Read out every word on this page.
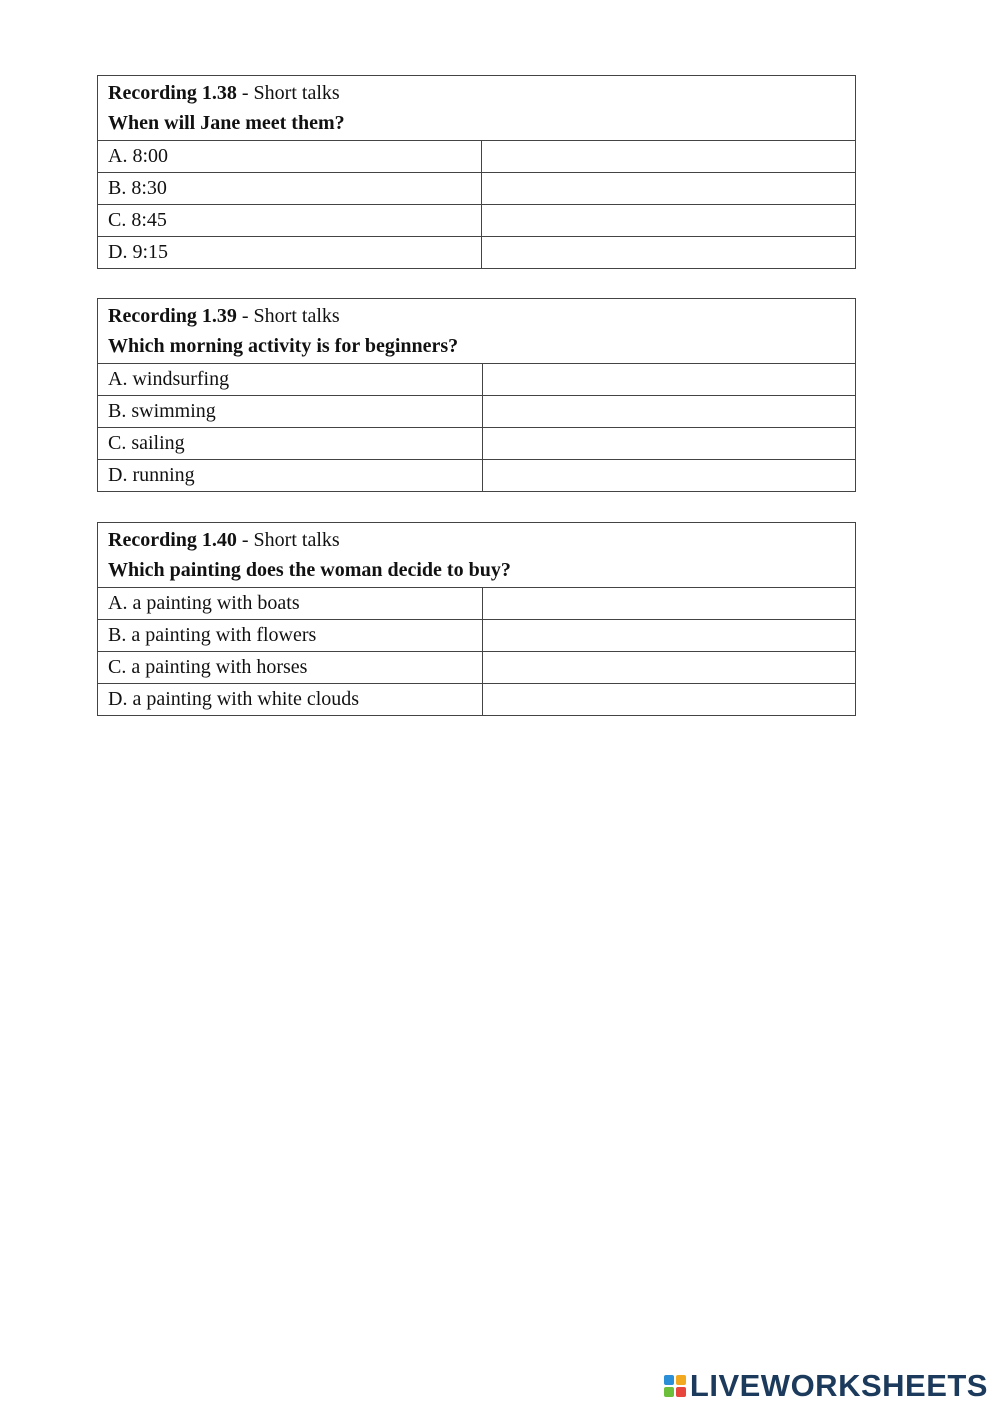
Recording 1.38 - Short talks
When will Jane meet them?	

A. 8:00	
B. 8:30	
C. 8:45	
D. 9:15	
Recording 1.39 - Short talks
Which morning activity is for beginners?	

A. windsurfing	
B. swimming	
C. sailing	
D. running	
Recording 1.40 - Short talks
Which painting does the woman decide to buy?	

A. a painting with boats	
B. a painting with flowers	
C. a painting with horses	
D. a painting with white clouds	
LIVEWORKSHEETS
